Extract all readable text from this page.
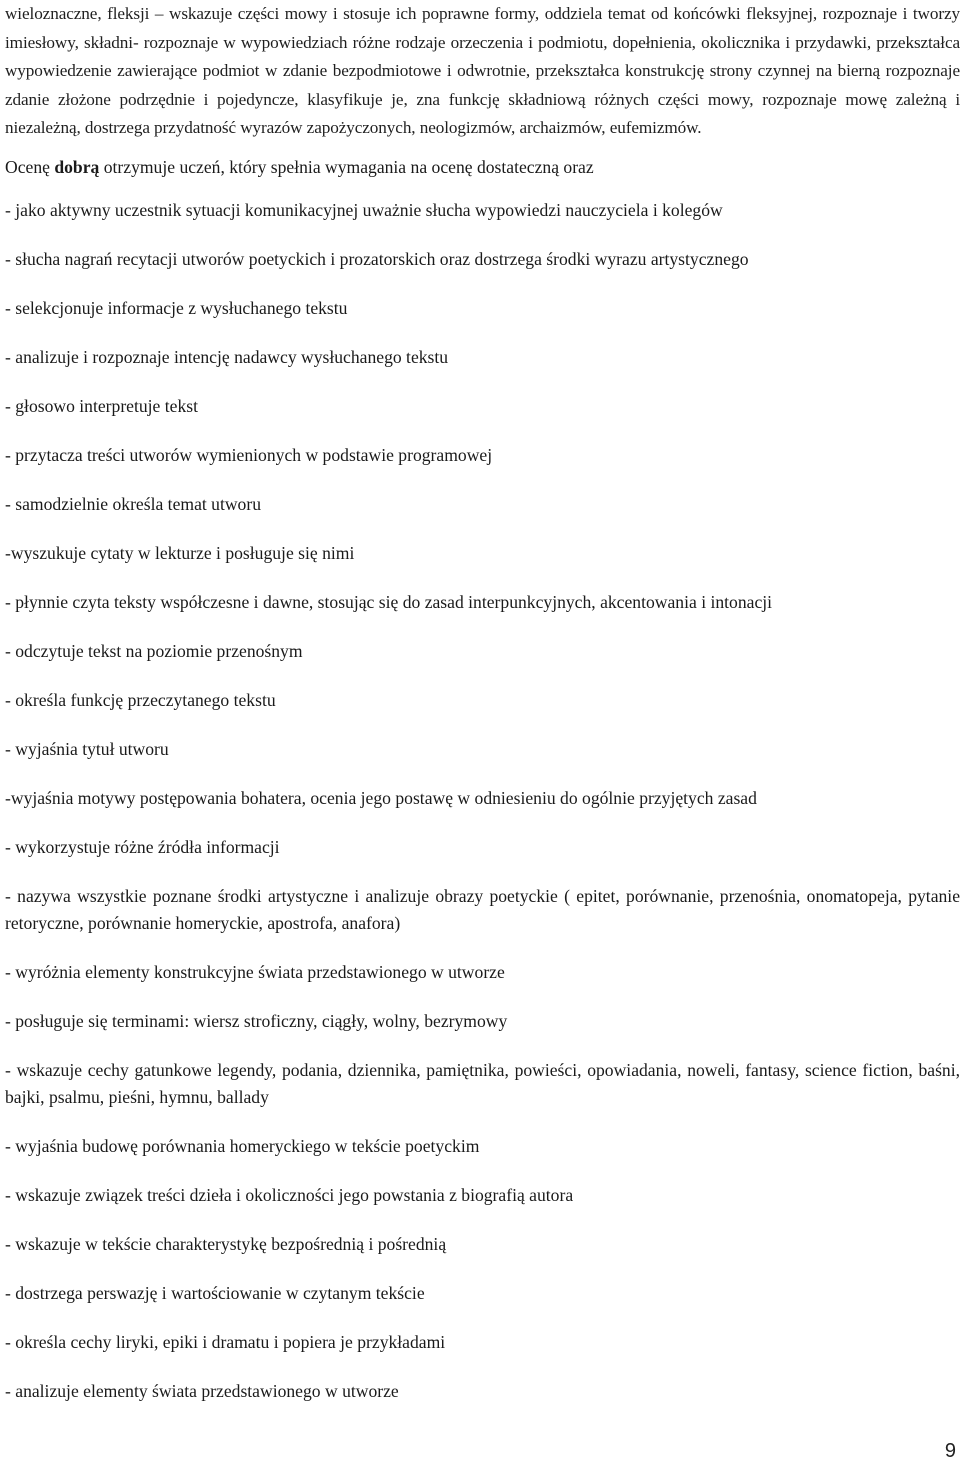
wieloznaczne, fleksji – wskazuje części mowy i stosuje ich poprawne formy, oddziela temat od końcówki fleksyjnej, rozpoznaje i tworzy imiesłowy, składni- rozpoznaje w wypowiedziach różne rodzaje orzeczenia i podmiotu, dopełnienia, okolicznika i przydawki, przekształca wypowiedzenie zawierające podmiot w zdanie bezpodmiotowe i odwrotnie, przekształca konstrukcję strony czynnej na bierną rozpoznaje zdanie złożone podrzędnie i pojedyncze, klasyfikuje je, zna funkcję składniową różnych części mowy, rozpoznaje mowę zależną i niezależną, dostrzega przydatność wyrazów zapożyczonych, neologizmów, archaizmów, eufemizmów.

Ocenę dobrą otrzymuje uczeń, który spełnia wymagania na ocenę dostateczną oraz

- jako aktywny uczestnik sytuacji komunikacyjnej uważnie słucha wypowiedzi nauczyciela i kolegów
- słucha nagrań recytacji utworów poetyckich i prozatorskich oraz dostrzega środki wyrazu artystycznego
- selekcjonuje informacje z wysłuchanego tekstu
- analizuje i rozpoznaje intencję nadawcy wysłuchanego tekstu
- głosowo interpretuje tekst
- przytacza treści utworów wymienionych w podstawie programowej
- samodzielnie określa temat utworu
-wyszukuje cytaty w lekturze i posługuje się nimi
- płynnie czyta teksty współczesne i dawne, stosując się do zasad interpunkcyjnych, akcentowania i intonacji
- odczytuje tekst na poziomie przenośnym
- określa funkcję przeczytanego tekstu
- wyjaśnia tytuł utworu
-wyjaśnia motywy postępowania bohatera, ocenia jego postawę w odniesieniu do ogólnie przyjętych zasad
- wykorzystuje różne źródła informacji
- nazywa wszystkie poznane środki artystyczne i analizuje obrazy poetyckie ( epitet, porównanie, przenośnia, onomatopeja, pytanie retoryczne, porównanie homeryckie, apostrofa, anafora)
- wyróżnia elementy konstrukcyjne świata przedstawionego w utworze
- posługuje się terminami: wiersz stroficzny, ciągły, wolny, bezrymowy
- wskazuje cechy gatunkowe legendy, podania, dziennika, pamiętnika, powieści, opowiadania, noweli, fantasy, science fiction, baśni, bajki, psalmu, pieśni, hymnu, ballady
- wyjaśnia budowę porównania homeryckiego w tekście poetyckim
- wskazuje związek treści dzieła i okoliczności jego powstania z biografią autora
- wskazuje w tekście charakterystykę bezpośrednią i pośrednią
- dostrzega perswazję i wartościowanie w czytanym tekście
- określa cechy liryki, epiki i dramatu i popiera je przykładami
- analizuje elementy świata przedstawionego w utworze
9
